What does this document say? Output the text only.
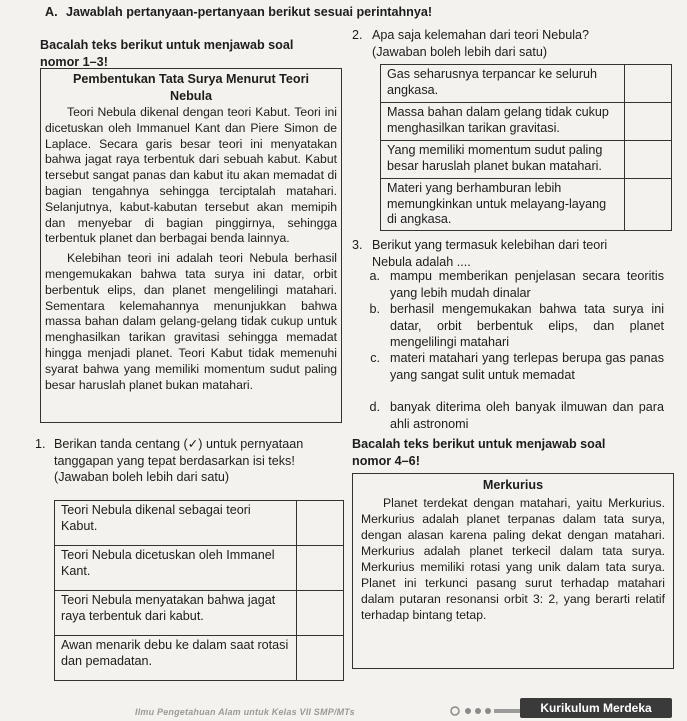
A. Jawablah pertanyaan-pertanyaan berikut sesuai perintahnya!
Bacalah teks berikut untuk menjawab soal
nomor 1–3!
Pembentukan Tata Surya Menurut Teori
Nebula

Teori Nebula dikenal dengan teori Kabut. Teori ini dicetuskan oleh Immanuel Kant dan Piere Simon de Laplace. Secara garis besar teori ini menyatakan bahwa jagat raya terbentuk dari sebuah kabut. Kabut tersebut sangat panas dan kabut itu akan memadat di bagian tengahnya sehingga terciptalah matahari. Selanjutnya, kabut-kabutan tersebut akan memipih dan menyebar di bagian pinggirnya, sehingga terbentuk planet dan berbagai benda lainnya.

Kelebihan teori ini adalah teori Nebula berhasil mengemukakan bahwa tata surya ini datar, orbit berbentuk elips, dan planet mengelilingi matahari. Sementara kelemahannya menunjukkan bahwa massa bahan dalam gelang-gelang tidak cukup untuk menghasilkan tarikan gravitasi sehingga memadat hingga menjadi planet. Teori Kabut tidak memenuhi syarat bahwa yang memiliki momentum sudut paling besar haruslah planet bukan matahari.

1. Berikan tanda centang (✓) untuk pernyataan
tanggapan yang tepat berdasarkan isi teks!
(Jawaban boleh lebih dari satu)
Teori Nebula dikenal sebagai teori Kabut.	
Teori Nebula dicetuskan oleh Immanel Kant.	
Teori Nebula menyatakan bahwa jagat raya terbentuk dari kabut.	
Awan menarik debu ke dalam saat rotasi dan pemadatan.	
2. Apa saja kelemahan dari teori Nebula?
(Jawaban boleh lebih dari satu)
Gas seharusnya terpancar ke seluruh angkasa.	
Massa bahan dalam gelang tidak cukup menghasilkan tarikan gravitasi.	
Yang memiliki momentum sudut paling besar haruslah planet bukan matahari.	
Materi yang berhamburan lebih memungkinkan untuk melayang-layang di angkasa.	
3. Berikut yang termasuk kelebihan dari teori
Nebula adalah ....
a. mampu memberikan penjelasan secara teoritis yang lebih mudah dinalar
b. berhasil mengemukakan bahwa tata surya ini datar, orbit berbentuk elips, dan planet mengelilingi matahari
c. materi matahari yang terlepas berupa gas panas yang sangat sulit untuk memadat
d. banyak diterima oleh banyak ilmuwan dan para ahli astronomi
Bacalah teks berikut untuk menjawab soal
nomor 4–6!
Merkurius

Planet terdekat dengan matahari, yaitu Merkurius. Merkurius adalah planet terpanas dalam tata surya, dengan alasan karena paling dekat dengan matahari. Merkurius adalah planet terkecil dalam tata surya. Merkurius memiliki rotasi yang unik dalam tata surya. Planet ini terkunci pasang surut terhadap matahari dalam putaran resonansi orbit 3: 2, yang berarti relatif terhadap bintang tetap.

Ilmu Pengetahuan Alam untuk Kelas VII SMP/MTs	Kurikulum Merdeka
